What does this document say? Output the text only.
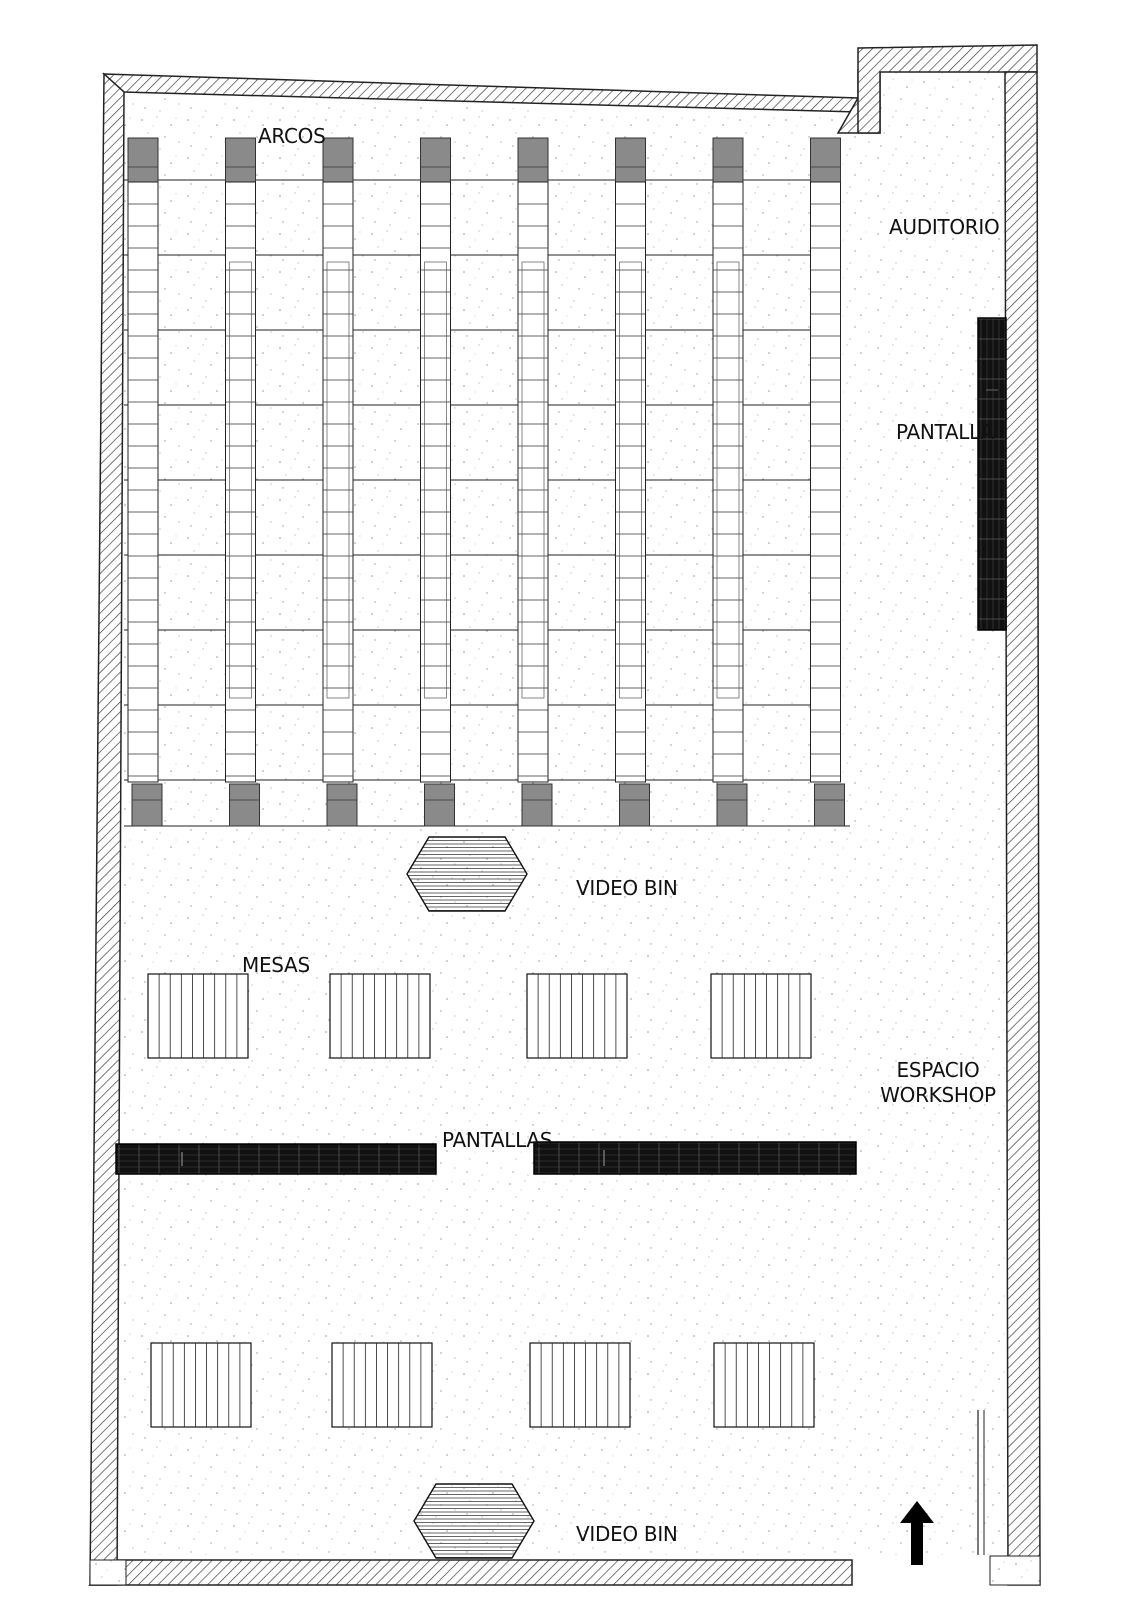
ARCOS
AUDITORIO
PANTALLA
VIDEO BIN
MESAS
ESPACIO
WORKSHOP
PANTALLAS
VIDEO BIN
